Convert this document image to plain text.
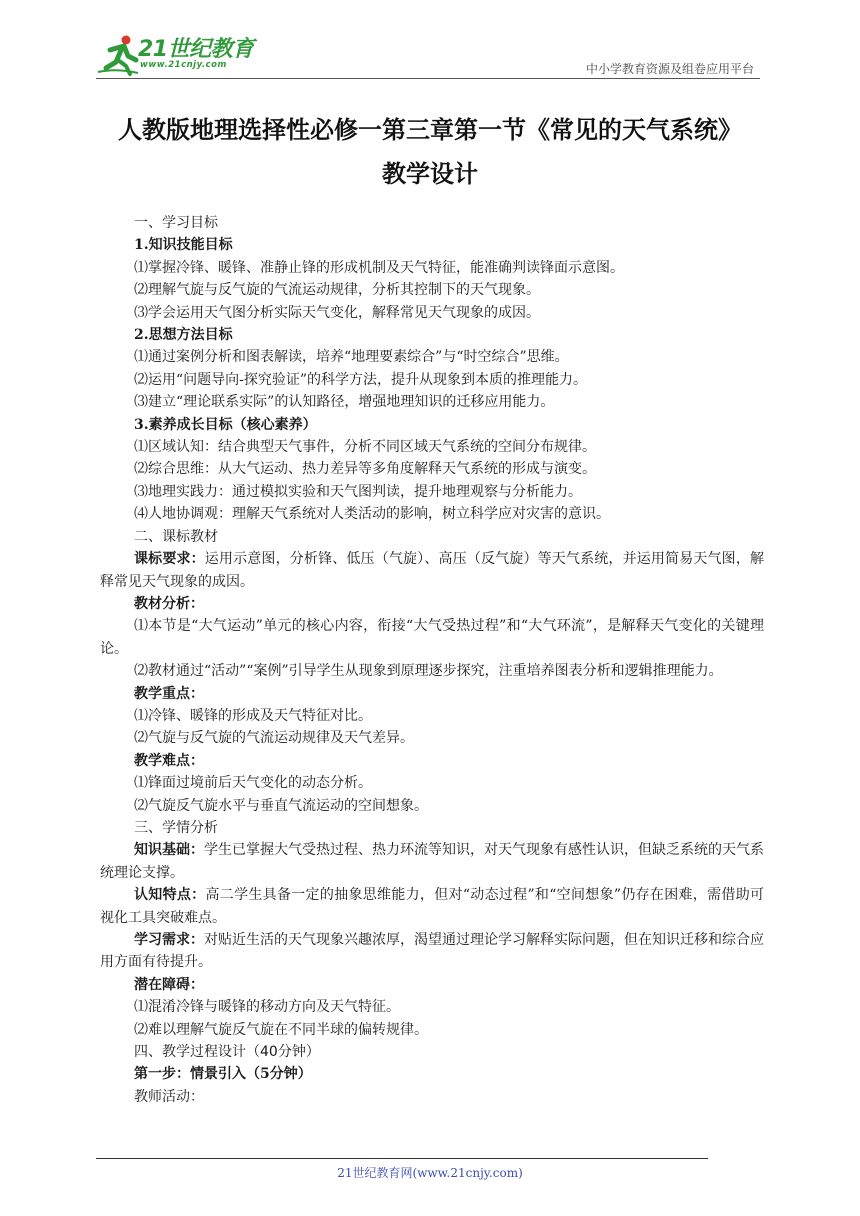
21世纪教育
www.21cnjy.com	中小学教育资源及组卷应用平台
人教版地理选择性必修一第三章第一节《常见的天气系统》
教学设计

一、学习目标

1.知识技能目标

⑴掌握冷锋、暖锋、准静止锋的形成机制及天气特征，能准确判读锋面示意图。

⑵理解气旋与反气旋的气流运动规律，分析其控制下的天气现象。

⑶学会运用天气图分析实际天气变化，解释常见天气现象的成因。

2.思想方法目标

⑴通过案例分析和图表解读，培养“地理要素综合”与“时空综合”思维。

⑵运用“问题导向-探究验证”的科学方法，提升从现象到本质的推理能力。

⑶建立“理论联系实际”的认知路径，增强地理知识的迁移应用能力。

3.素养成长目标（核心素养）

⑴区域认知：结合典型天气事件，分析不同区域天气系统的空间分布规律。

⑵综合思维：从大气运动、热力差异等多角度解释天气系统的形成与演变。

⑶地理实践力：通过模拟实验和天气图判读，提升地理观察与分析能力。

⑷人地协调观：理解天气系统对人类活动的影响，树立科学应对灾害的意识。

二、课标教材

课标要求：运用示意图，分析锋、低压（气旋）、高压（反气旋）等天气系统，并运用简易天气图，解释常见天气现象的成因。

教材分析：

⑴本节是“大气运动”单元的核心内容，衔接“大气受热过程”和“大气环流”，是解释天气变化的关键理论。

⑵教材通过“活动”“案例”引导学生从现象到原理逐步探究，注重培养图表分析和逻辑推理能力。

教学重点：

⑴冷锋、暖锋的形成及天气特征对比。

⑵气旋与反气旋的气流运动规律及天气差异。

教学难点：

⑴锋面过境前后天气变化的动态分析。

⑵气旋反气旋水平与垂直气流运动的空间想象。

三、学情分析

知识基础：学生已掌握大气受热过程、热力环流等知识，对天气现象有感性认识，但缺乏系统的天气系统理论支撑。

认知特点：高二学生具备一定的抽象思维能力，但对“动态过程”和“空间想象”仍存在困难，需借助可视化工具突破难点。

学习需求：对贴近生活的天气现象兴趣浓厚，渴望通过理论学习解释实际问题，但在知识迁移和综合应用方面有待提升。

潜在障碍：

⑴混淆冷锋与暖锋的移动方向及天气特征。

⑵难以理解气旋反气旋在不同半球的偏转规律。

四、教学过程设计（40分钟）

第一步：情景引入（5分钟）

教师活动：

21世纪教育网(www.21cnjy.com)
